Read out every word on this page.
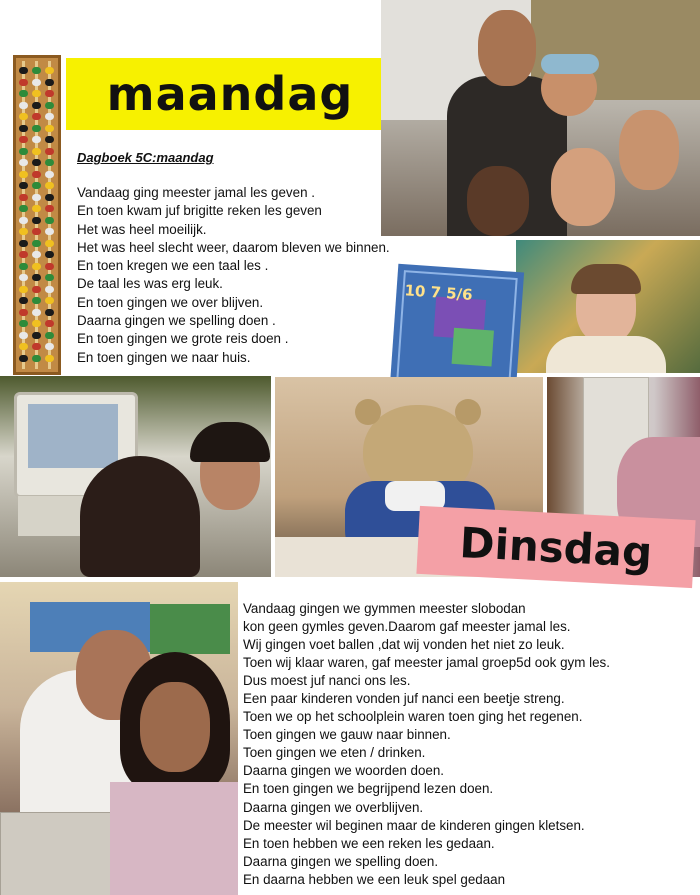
maandag
Dagboek 5C:maandag
Vandaag ging meester jamal les geven .
En toen kwam juf brigitte reken les geven
Het was heel moeilijk.
Het was heel slecht weer, daarom bleven we binnen.
En toen kregen we een taal les .
De taal les was erg leuk.
En toen gingen we over blijven.
Daarna gingen we spelling doen .
En toen gingen we grote reis doen .
En toen gingen we naar huis.
10 7 5/6
Dinsdag
Vandaag gingen we gymmen meester slobodan
kon geen gymles geven.Daarom gaf meester jamal les.
Wij gingen voet ballen ,dat wij vonden het niet zo leuk.
Toen wij klaar waren, gaf meester jamal groep5d ook gym les.
Dus moest juf nanci ons les.
Een paar kinderen vonden juf nanci een beetje streng.
Toen we op het schoolplein waren toen ging het regenen.
Toen gingen we gauw naar binnen.
Toen gingen we eten / drinken.
Daarna gingen we woorden doen.
En toen gingen we begrijpend lezen doen.
Daarna gingen we overblijven.
De meester wil beginen maar de kinderen gingen kletsen.
En toen hebben we een reken les gedaan.
Daarna gingen we spelling doen.
En daarna hebben we een leuk spel gedaan
